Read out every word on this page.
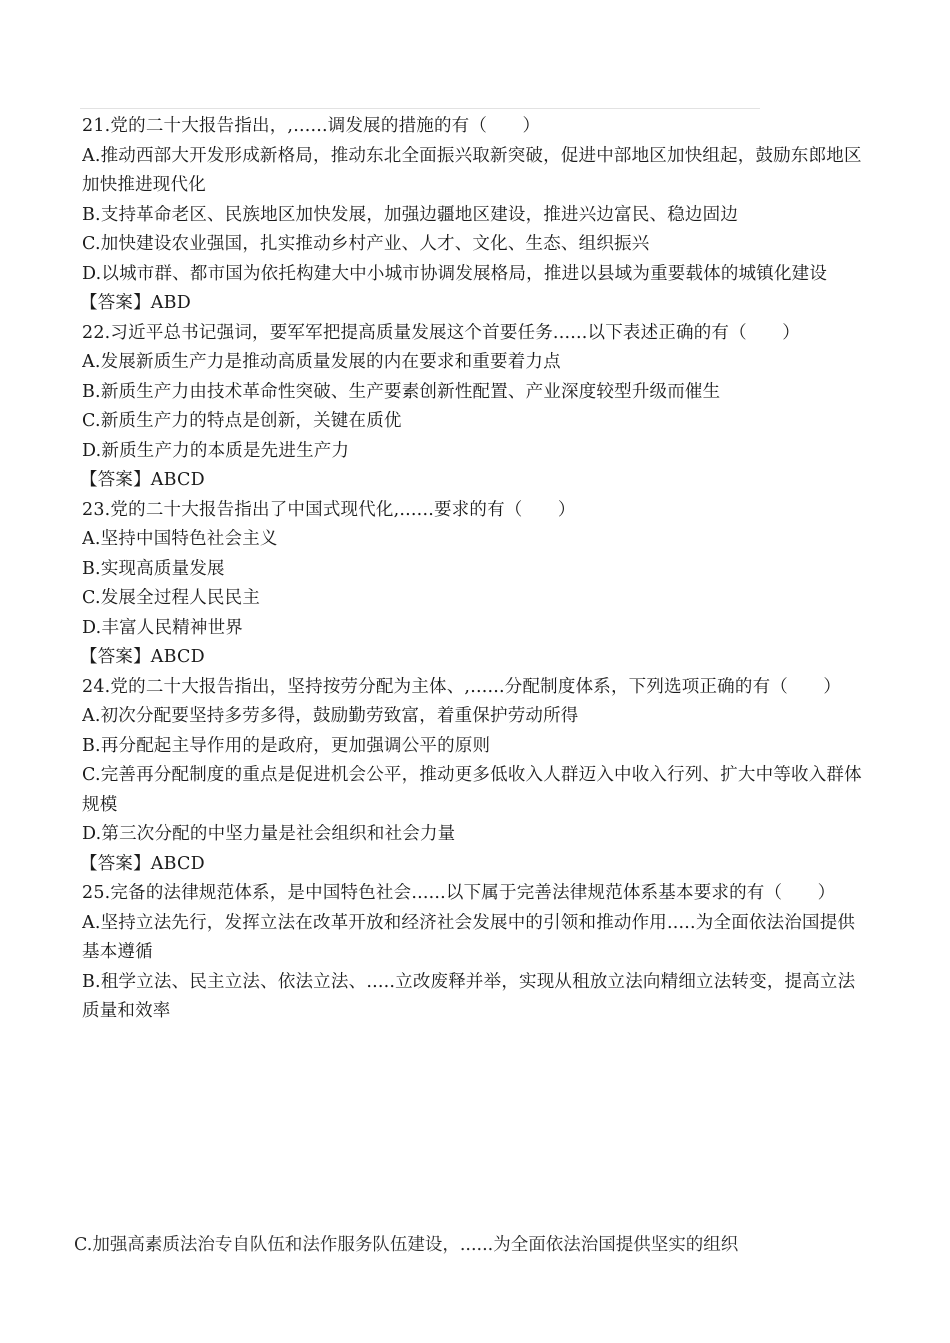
21.党的二十大报告指出，,......调发展的措施的有（　　）
A.推动西部大开发形成新格局，推动东北全面振兴取新突破，促进中部地区加快组起，鼓励东郎地区加快推进现代化
B.支持革命老区、民族地区加快发展，加强边疆地区建设，推进兴边富民、稳边固边
C.加快建设农业强国，扎实推动乡村产业、人才、文化、生态、组织振兴
D.以城市群、都市国为依托构建大中小城市协调发展格局，推进以县域为重要载体的城镇化建设
【答案】ABD
22.习近平总书记强词，要军军把提高质量发展这个首要任务......以下表述正确的有（　　）
A.发展新质生产力是推动高质量发展的内在要求和重要着力点
B.新质生产力由技术革命性突破、生产要素创新性配置、产业深度较型升级而催生
C.新质生产力的特点是创新，关键在质优
D.新质生产力的本质是先进生产力
【答案】ABCD
23.党的二十大报告指出了中国式现代化,......要求的有（　　）
A.坚持中国特色社会主义
B.实现高质量发展
C.发展全过程人民民主
D.丰富人民精神世界
【答案】ABCD
24.党的二十大报告指出，坚持按劳分配为主体、,......分配制度体系，下列选项正确的有（　　）
A.初次分配要坚持多劳多得，鼓励勤劳致富，着重保护劳动所得
B.再分配起主导作用的是政府，更加强调公平的原则
C.完善再分配制度的重点是促进机会公平，推动更多低收入人群迈入中收入行列、扩大中等收入群体规模
D.第三次分配的中坚力量是社会组织和社会力量
【答案】ABCD
25.完备的法律规范体系，是中国特色社会......以下属于完善法律规范体系基本要求的有（　　）
A.坚持立法先行，发挥立法在改革开放和经济社会发展中的引领和推动作用.....为全面依法治国提供基本遵循
B.租学立法、民主立法、依法立法、.....立改废释并举，实现从租放立法向精细立法转变，提高立法质量和效率
C.加强高素质法治专自队伍和法作服务队伍建设，......为全面依法治国提供坚实的组织
